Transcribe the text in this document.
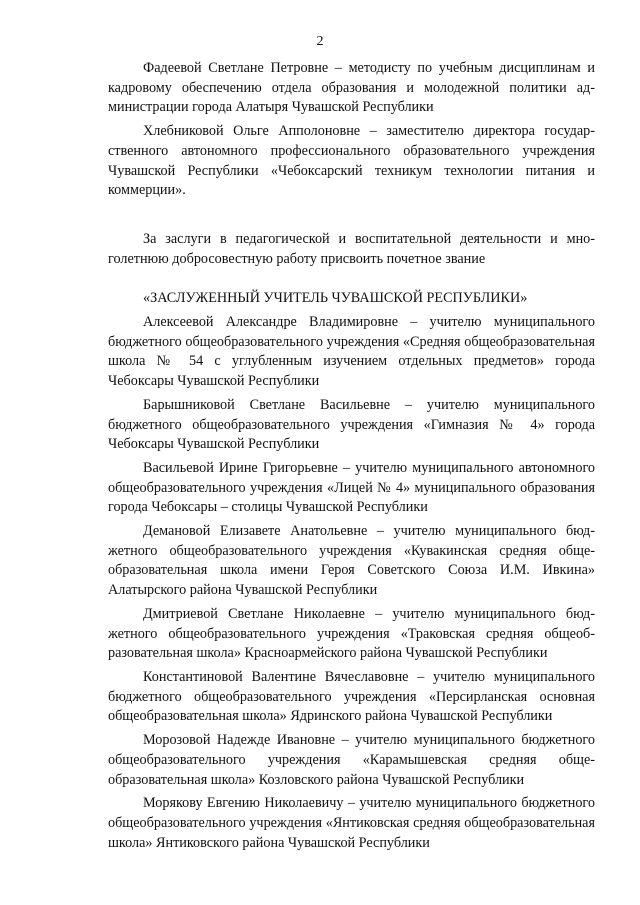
2

Фадеевой Светлане Петровне – методисту по учебным дисциплинам и кадровому обеспечению отдела образования и молодежной политики администрации города Алатыря Чувашской Республики

Хлебниковой Ольге Апполоновне – заместителю директора государственного автономного профессионального образовательного учреждения Чувашской Республики «Чебоксарский техникум технологии питания и коммерции».

За заслуги в педагогической и воспитательной деятельности и многолетнюю добросовестную работу присвоить почетное звание

«ЗАСЛУЖЕННЫЙ УЧИТЕЛЬ ЧУВАШСКОЙ РЕСПУБЛИКИ»

Алексеевой Александре Владимировне – учителю муниципального бюджетного общеобразовательного учреждения «Средняя общеобразовательная школа № 54 с углубленным изучением отдельных предметов» города Чебоксары Чувашской Республики

Барышниковой Светлане Васильевне – учителю муниципального бюджетного общеобразовательного учреждения «Гимназия № 4» города Чебоксары Чувашской Республики

Васильевой Ирине Григорьевне – учителю муниципального автономного общеобразовательного учреждения «Лицей № 4» муниципального образования города Чебоксары – столицы Чувашской Республики

Демановой Елизавете Анатольевне – учителю муниципального бюджетного общеобразовательного учреждения «Кувакинская средняя общеобразовательная школа имени Героя Советского Союза И.М. Ивкина» Алатырского района Чувашской Республики

Дмитриевой Светлане Николаевне – учителю муниципального бюджетного общеобразовательного учреждения «Траковская средняя общеобразовательная школа» Красноармейского района Чувашской Республики

Константиновой Валентине Вячеславовне – учителю муниципального бюджетного общеобразовательного учреждения «Персирланская основная общеобразовательная школа» Ядринского района Чувашской Республики

Морозовой Надежде Ивановне – учителю муниципального бюджетного общеобразовательного учреждения «Карамышевская средняя общеобразовательная школа» Козловского района Чувашской Республики

Морякову Евгению Николаевичу – учителю муниципального бюджетного общеобразовательного учреждения «Янтиковская средняя общеобразовательная школа» Янтиковского района Чувашской Республики
